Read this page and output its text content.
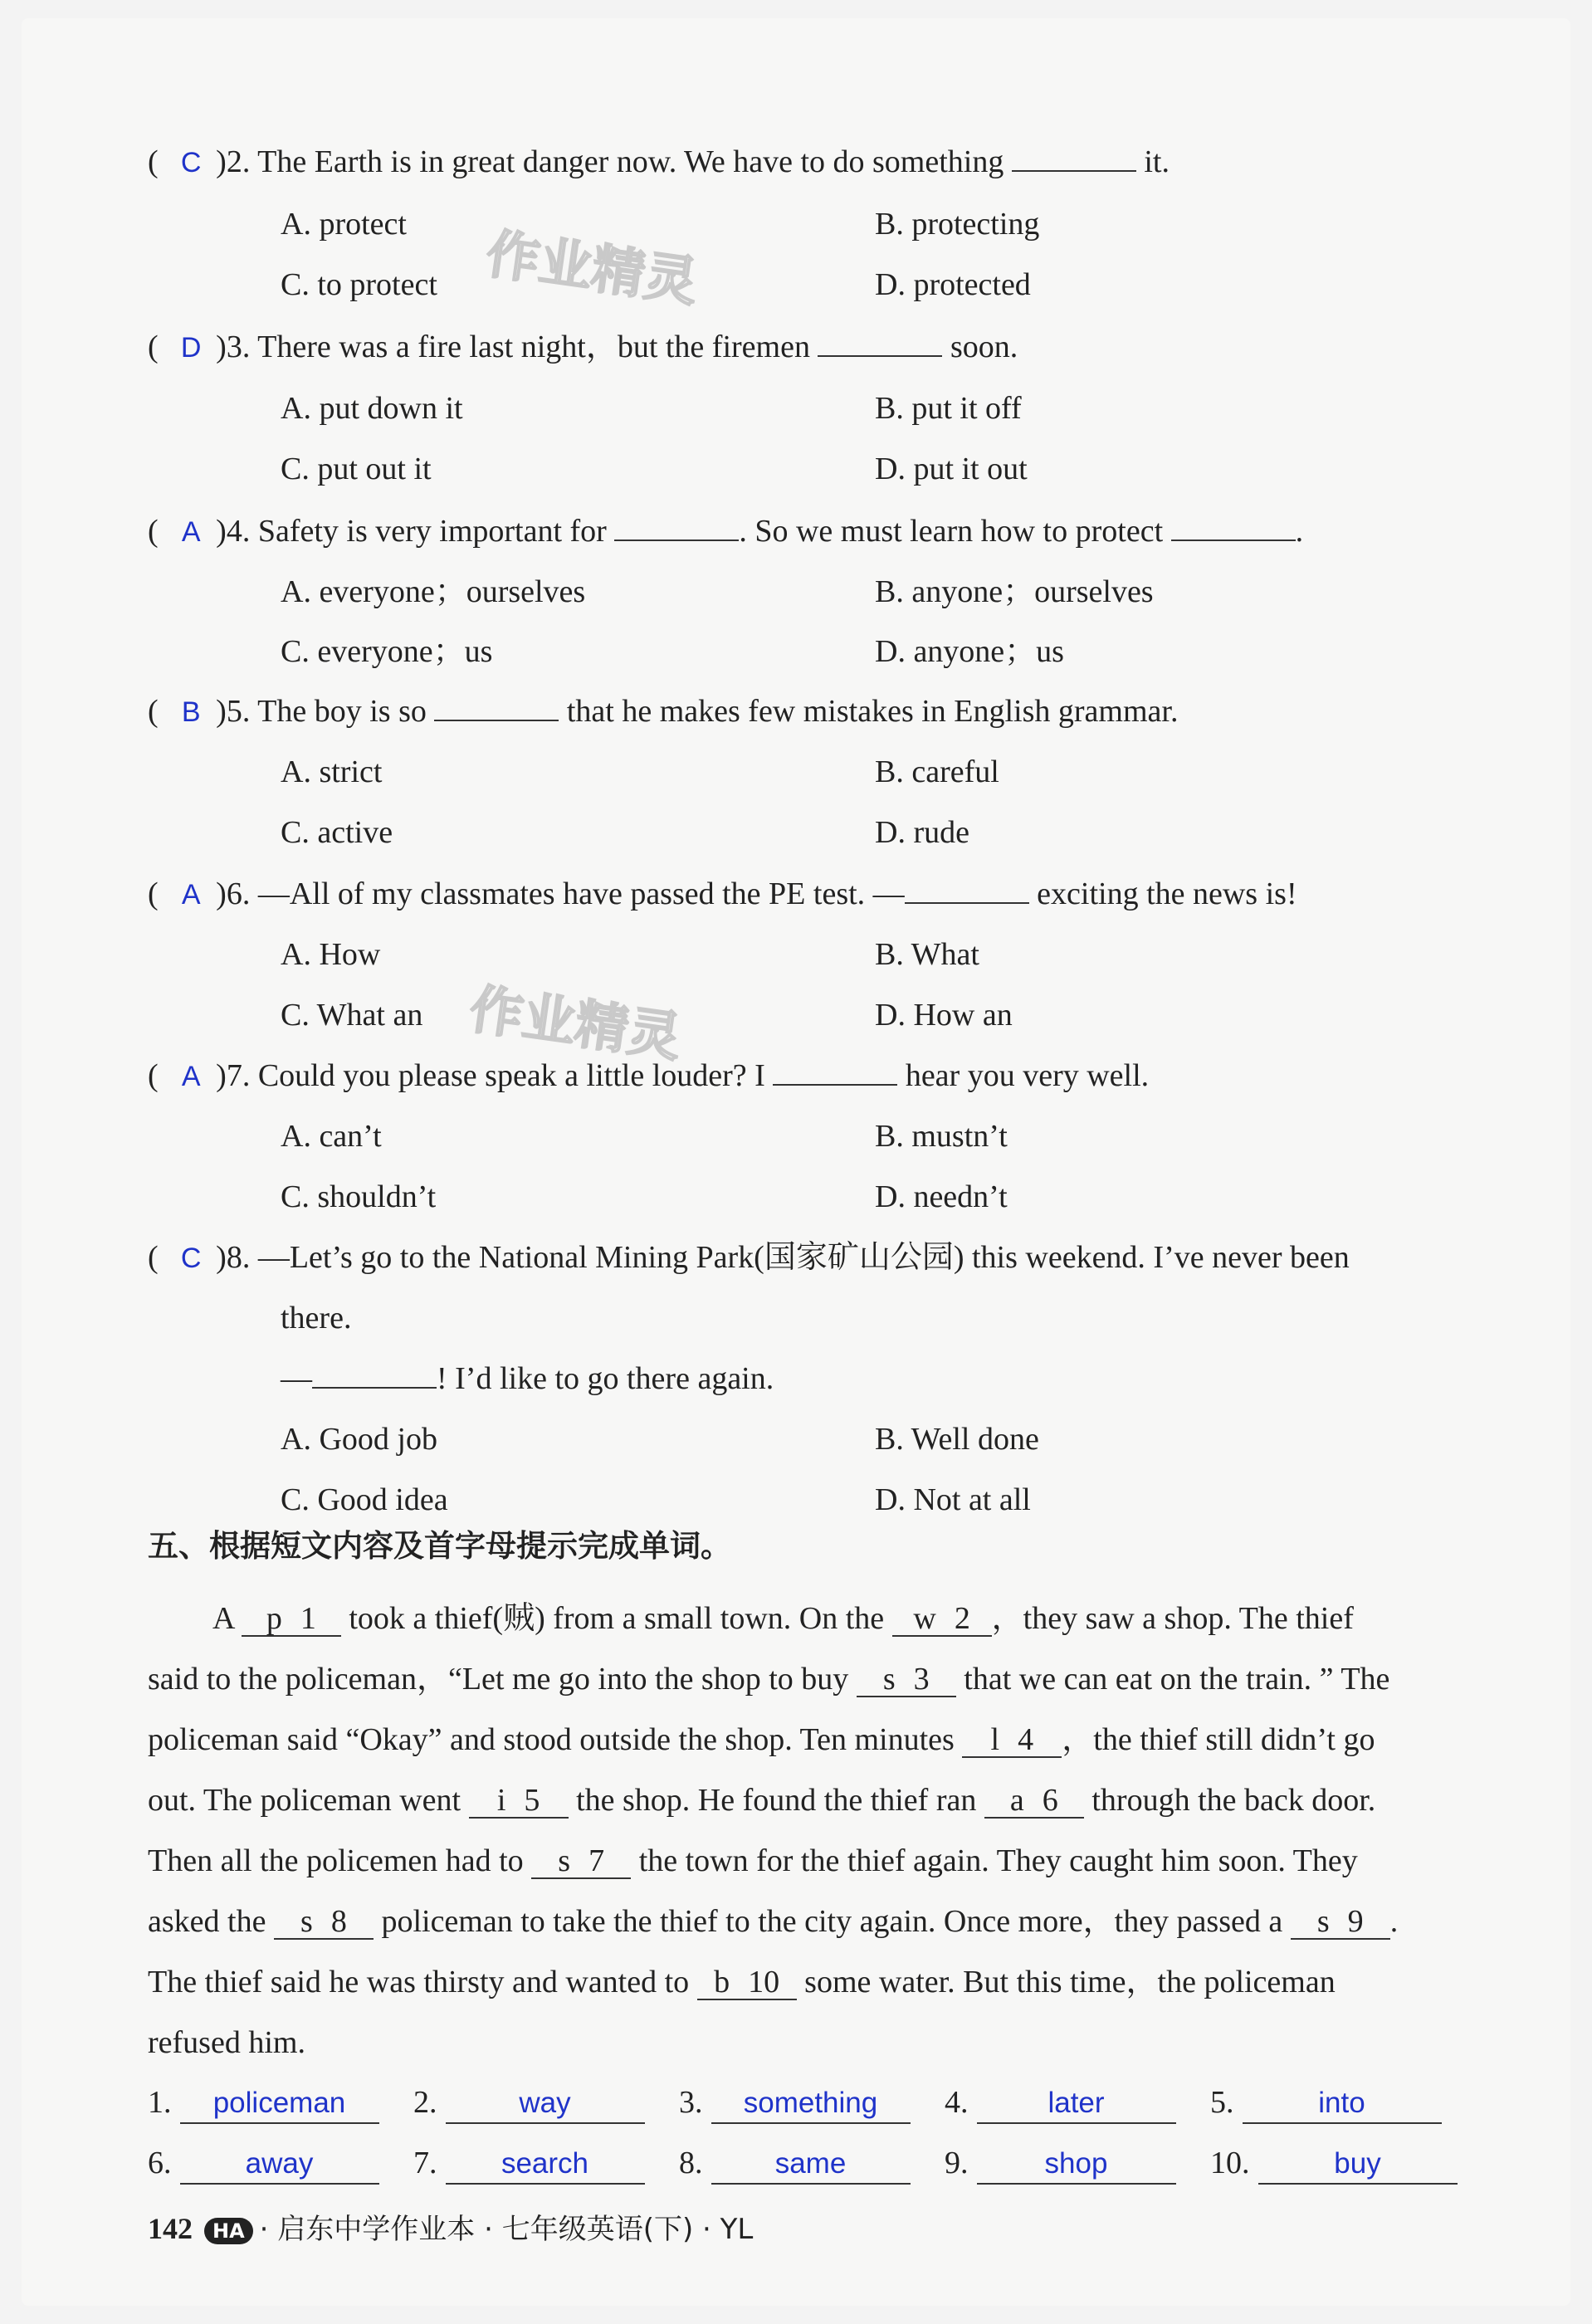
( C )2. The Earth is in great danger now. We have to do something	it.
A. protect	B. protecting
C. to protect	D. protected
( D )3. There was a fire last night，but the firemen	soon.
A. put down it	B. put it off
C. put out it	D. put it out
( A )4. Safety is very important for	. So we must learn how to protect	.
A. everyone；ourselves	B. anyone；ourselves
C. everyone；us	D. anyone；us
( B )5. The boy is so	that he makes few mistakes in English grammar.
A. strict	B. careful
C. active	D. rude
( A )6. —All of my classmates have passed the PE test. —	exciting the news is!
A. How	B. What
C. What an	D. How an
( A )7. Could you please speak a little louder? I	hear you very well.
A. can’t	B. mustn’t
C. shouldn’t	D. needn’t
( C )8. —Let’s go to the National Mining Park(国家矿山公园) this weekend. I’ve never been
there.
—	! I’d like to go there again.
A. Good job	B. Well done
C. Good idea	D. Not at all
五、根据短文内容及首字母提示完成单词。
A p 1 took a thief(贼) from a small town. On the w 2 ，they saw a shop. The thief
said to the policeman，“Let me go into the shop to buy s 3 that we can eat on the train. ” The
policeman said “Okay” and stood outside the shop. Ten minutes l 4 ，the thief still didn’t go
out. The policeman went i 5 the shop. He found the thief ran a 6 through the back door.
Then all the policemen had to s 7 the town for the thief again. They caught him soon. They
asked the s 8 policeman to take the thief to the city again. Once more，they passed a s 9 .
The thief said he was thirsty and wanted to b 10 some water. But this time，the policeman
refused him.
1. policeman	2.	way	3. something	4.	later	5.	into
6.	away	7. search	8. same	9.	shop	10.	buy
作业精灵
作业精灵
142 HA · 启东中学作业本 · 七年级英语(下) · YL
